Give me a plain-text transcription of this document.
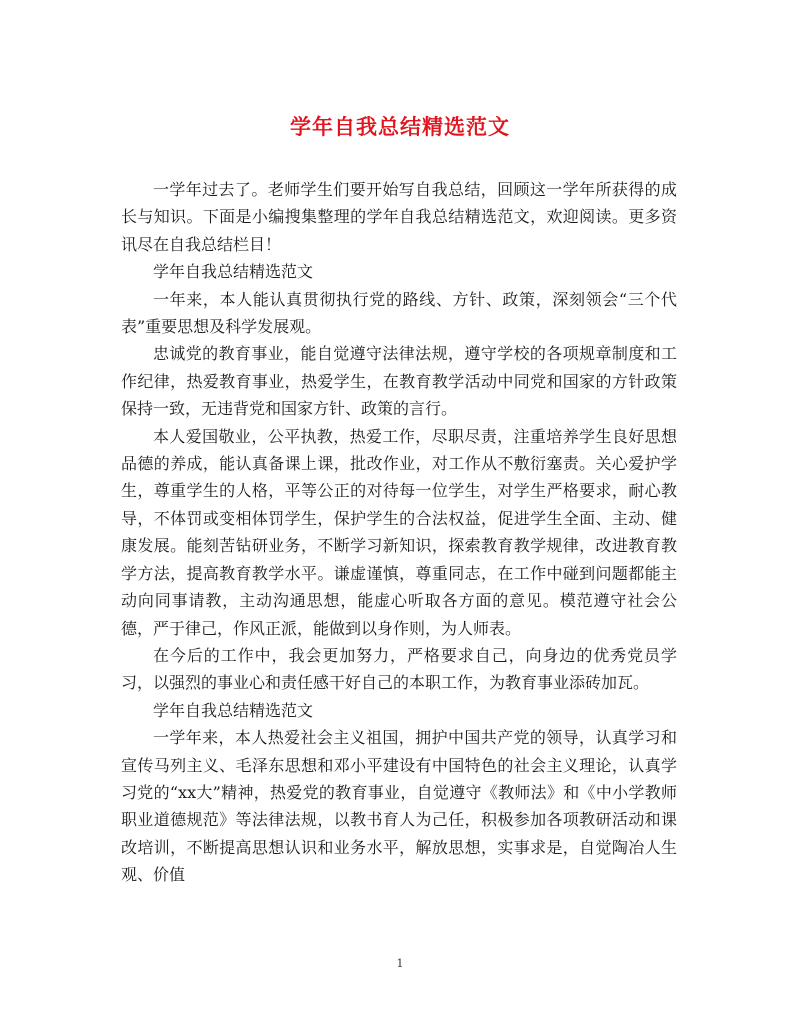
学年自我总结精选范文

一学年过去了。老师学生们要开始写自我总结，回顾这一学年所获得的成长与知识。下面是小编搜集整理的学年自我总结精选范文，欢迎阅读。更多资讯尽在自我总结栏目！

学年自我总结精选范文

一年来，本人能认真贯彻执行党的路线、方针、政策，深刻领会“三个代表”重要思想及科学发展观。

忠诚党的教育事业，能自觉遵守法律法规，遵守学校的各项规章制度和工作纪律，热爱教育事业，热爱学生，在教育教学活动中同党和国家的方针政策保持一致，无违背党和国家方针、政策的言行。

本人爱国敬业，公平执教，热爱工作，尽职尽责，注重培养学生良好思想品德的养成，能认真备课上课，批改作业，对工作从不敷衍塞责。关心爱护学生，尊重学生的人格，平等公正的对待每一位学生，对学生严格要求，耐心教导，不体罚或变相体罚学生，保护学生的合法权益，促进学生全面、主动、健康发展。能刻苦钻研业务，不断学习新知识，探索教育教学规律，改进教育教学方法，提高教育教学水平。谦虚谨慎，尊重同志，在工作中碰到问题都能主动向同事请教，主动沟通思想，能虚心听取各方面的意见。模范遵守社会公德，严于律己，作风正派，能做到以身作则，为人师表。

在今后的工作中，我会更加努力，严格要求自己，向身边的优秀党员学习，以强烈的事业心和责任感干好自己的本职工作，为教育事业添砖加瓦。

学年自我总结精选范文

一学年来，本人热爱社会主义祖国，拥护中国共产党的领导，认真学习和宣传马列主义、毛泽东思想和邓小平建设有中国特色的社会主义理论，认真学习党的“xx大”精神，热爱党的教育事业，自觉遵守《教师法》和《中小学教师职业道德规范》等法律法规，以教书育人为己任，积极参加各项教研活动和课改培训，不断提高思想认识和业务水平，解放思想，实事求是，自觉陶冶人生观、价值

1
